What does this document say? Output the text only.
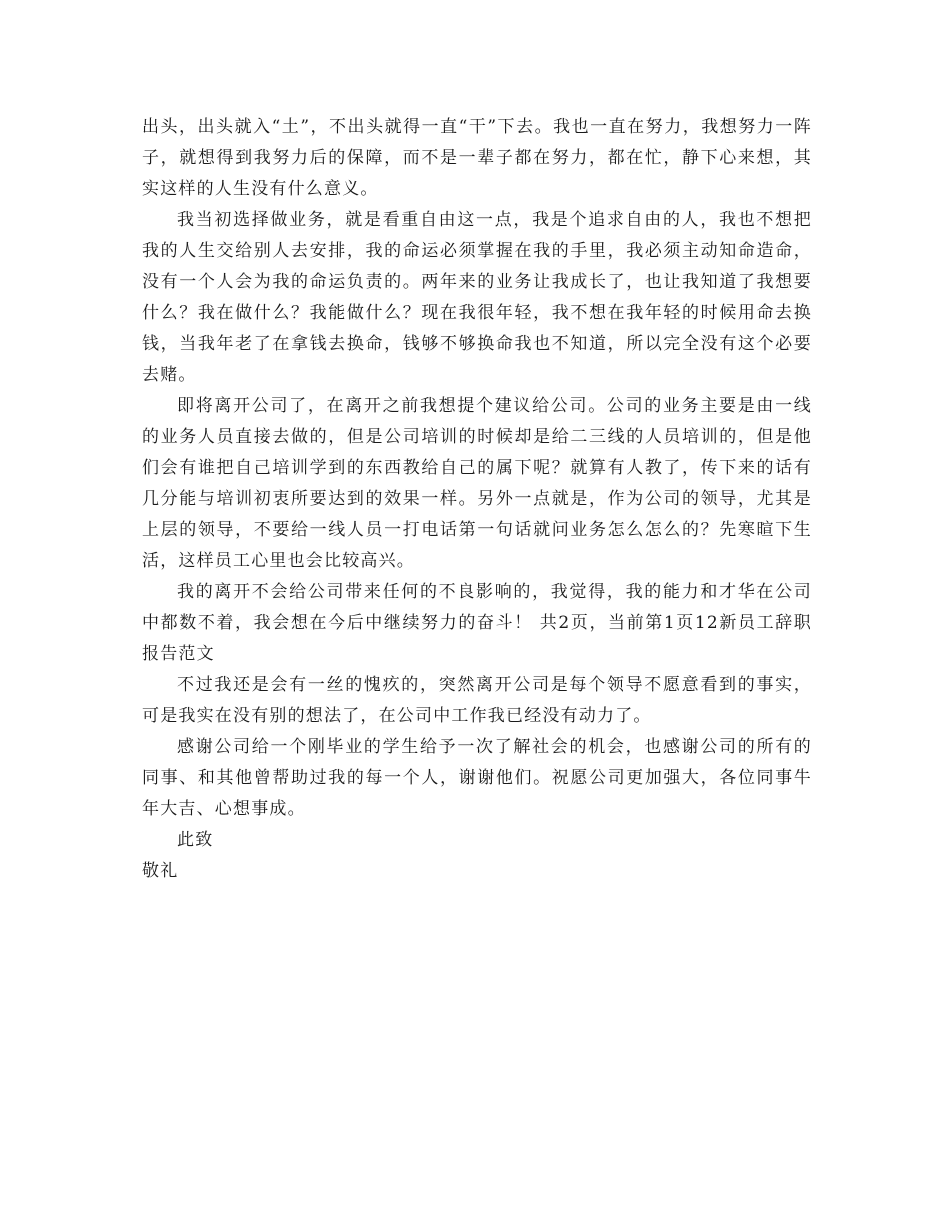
出头，出头就入“土”，不出头就得一直“干”下去。我也一直在努力，我想努力一阵子，就想得到我努力后的保障，而不是一辈子都在努力，都在忙，静下心来想，其实这样的人生没有什么意义。

我当初选择做业务，就是看重自由这一点，我是个追求自由的人，我也不想把我的人生交给别人去安排，我的命运必须掌握在我的手里，我必须主动知命造命，没有一个人会为我的命运负责的。两年来的业务让我成长了，也让我知道了我想要什么？我在做什么？我能做什么？现在我很年轻，我不想在我年轻的时候用命去换钱，当我年老了在拿钱去换命，钱够不够换命我也不知道，所以完全没有这个必要去赌。

即将离开公司了，在离开之前我想提个建议给公司。公司的业务主要是由一线的业务人员直接去做的，但是公司培训的时候却是给二三线的人员培训的，但是他们会有谁把自己培训学到的东西教给自己的属下呢？就算有人教了，传下来的话有几分能与培训初衷所要达到的效果一样。另外一点就是，作为公司的领导，尤其是上层的领导，不要给一线人员一打电话第一句话就问业务怎么怎么的？先寒暄下生活，这样员工心里也会比较高兴。

我的离开不会给公司带来任何的不良影响的，我觉得，我的能力和才华在公司中都数不着，我会想在今后中继续努力的奋斗！ 共2页，当前第1页12新员工辞职报告范文

不过我还是会有一丝的愧疚的，突然离开公司是每个领导不愿意看到的事实，可是我实在没有别的想法了，在公司中工作我已经没有动力了。

感谢公司给一个刚毕业的学生给予一次了解社会的机会，也感谢公司的所有的同事、和其他曾帮助过我的每一个人，谢谢他们。祝愿公司更加强大，各位同事牛年大吉、心想事成。

此致

敬礼
